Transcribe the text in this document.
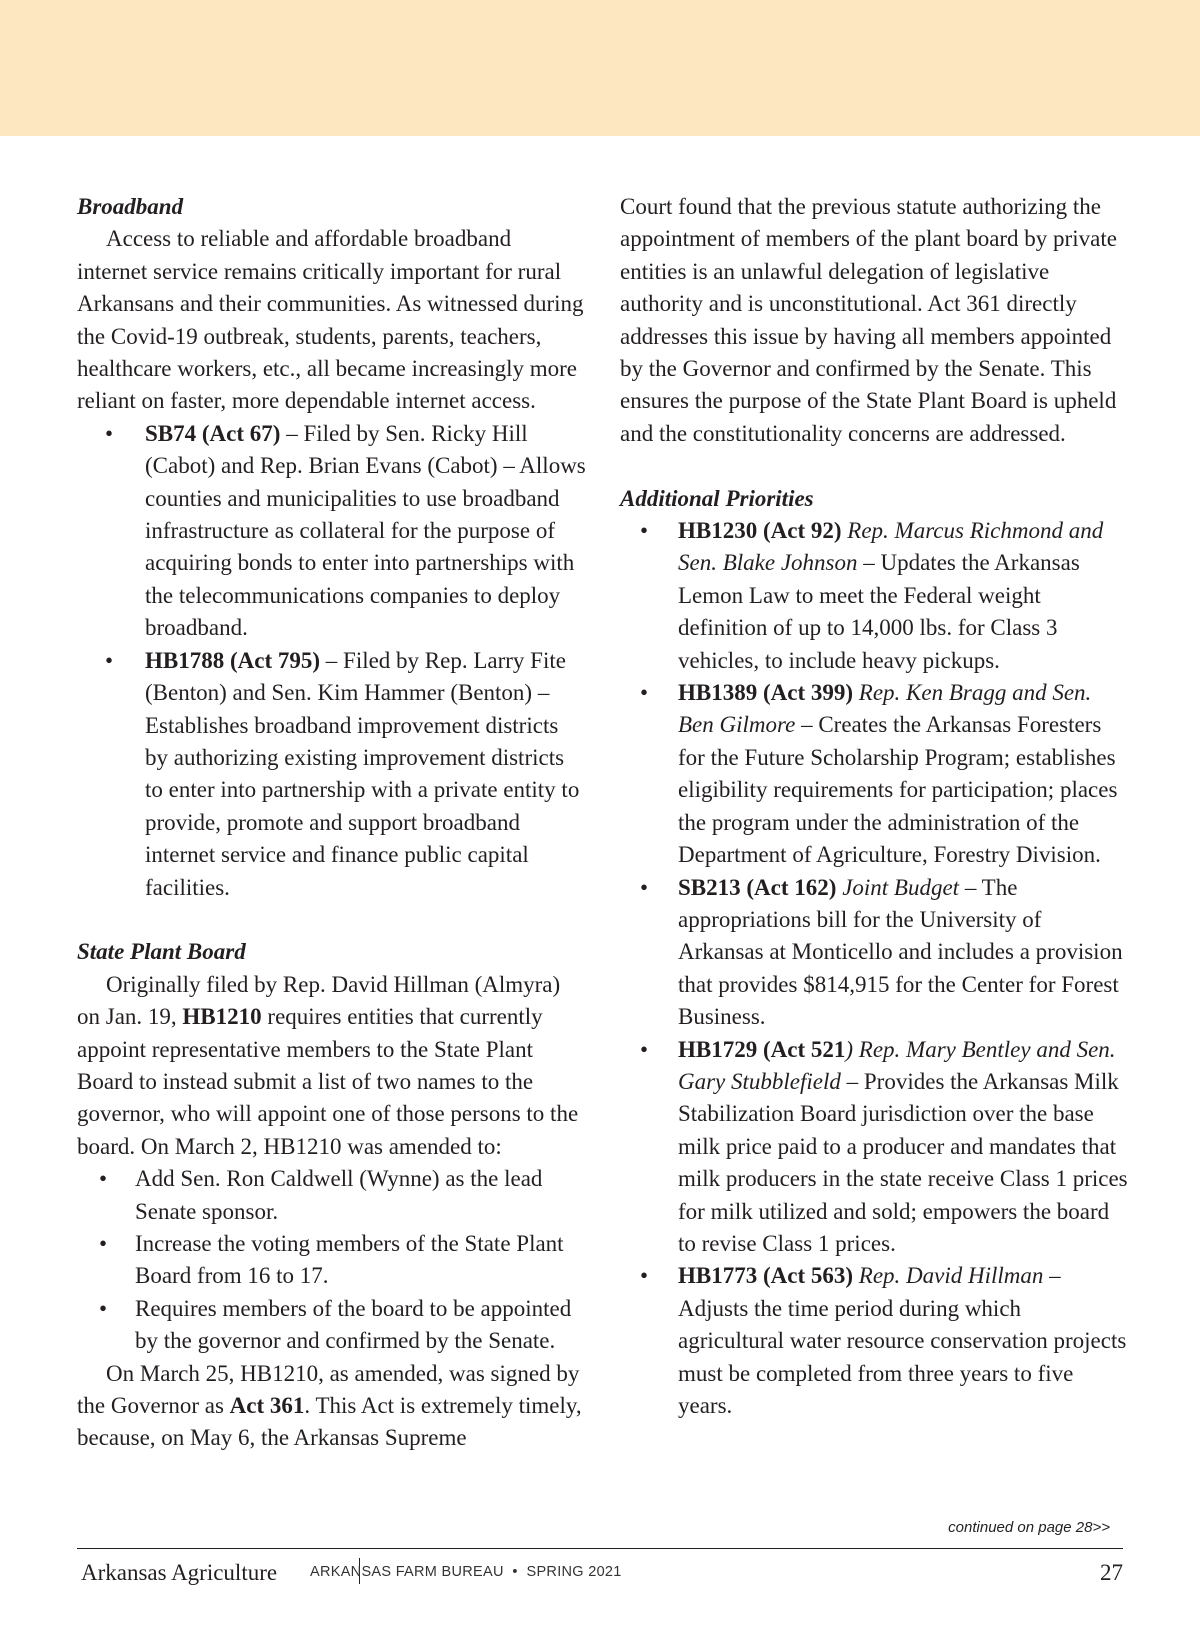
Broadband

Access to reliable and affordable broadband internet service remains critically important for rural Arkansans and their communities. As witnessed during the Covid-19 outbreak, students, parents, teachers, healthcare workers, etc., all became increasingly more reliant on faster, more dependable internet access.

• SB74 (Act 67) – Filed by Sen. Ricky Hill (Cabot) and Rep. Brian Evans (Cabot) – Allows counties and municipalities to use broadband infrastructure as collateral for the purpose of acquiring bonds to enter into partnerships with the telecommunications companies to deploy broadband.
• HB1788 (Act 795) – Filed by Rep. Larry Fite (Benton) and Sen. Kim Hammer (Benton) – Establishes broadband improvement districts by authorizing existing improvement districts to enter into partnership with a private entity to provide, promote and support broadband internet service and finance public capital facilities.

State Plant Board

Originally filed by Rep. David Hillman (Almyra) on Jan. 19, HB1210 requires entities that currently appoint representative members to the State Plant Board to instead submit a list of two names to the governor, who will appoint one of those persons to the board. On March 2, HB1210 was amended to:

• Add Sen. Ron Caldwell (Wynne) as the lead Senate sponsor.
• Increase the voting members of the State Plant Board from 16 to 17.
• Requires members of the board to be appointed by the governor and confirmed by the Senate.

On March 25, HB1210, as amended, was signed by the Governor as Act 361. This Act is extremely timely, because, on May 6, the Arkansas Supreme

Court found that the previous statute authorizing the appointment of members of the plant board by private entities is an unlawful delegation of legislative authority and is unconstitutional. Act 361 directly addresses this issue by having all members appointed by the Governor and confirmed by the Senate. This ensures the purpose of the State Plant Board is upheld and the constitutionality concerns are addressed.

Additional Priorities

• HB1230 (Act 92) Rep. Marcus Richmond and Sen. Blake Johnson – Updates the Arkansas Lemon Law to meet the Federal weight definition of up to 14,000 lbs. for Class 3 vehicles, to include heavy pickups.
• HB1389 (Act 399) Rep. Ken Bragg and Sen. Ben Gilmore – Creates the Arkansas Foresters for the Future Scholarship Program; establishes eligibility requirements for participation; places the program under the administration of the Department of Agriculture, Forestry Division.
• SB213 (Act 162) Joint Budget – The appropriations bill for the University of Arkansas at Monticello and includes a provision that provides $814,915 for the Center for Forest Business.
• HB1729 (Act 521) Rep. Mary Bentley and Sen. Gary Stubblefield – Provides the Arkansas Milk Stabilization Board jurisdiction over the base milk price paid to a producer and mandates that milk producers in the state receive Class 1 prices for milk utilized and sold; empowers the board to revise Class 1 prices.
• HB1773 (Act 563) Rep. David Hillman – Adjusts the time period during which agricultural water resource conservation projects must be completed from three years to five years.
continued on page 28>>
Arkansas Agriculture ARKANSAS FARM BUREAU • SPRING 2021	27
